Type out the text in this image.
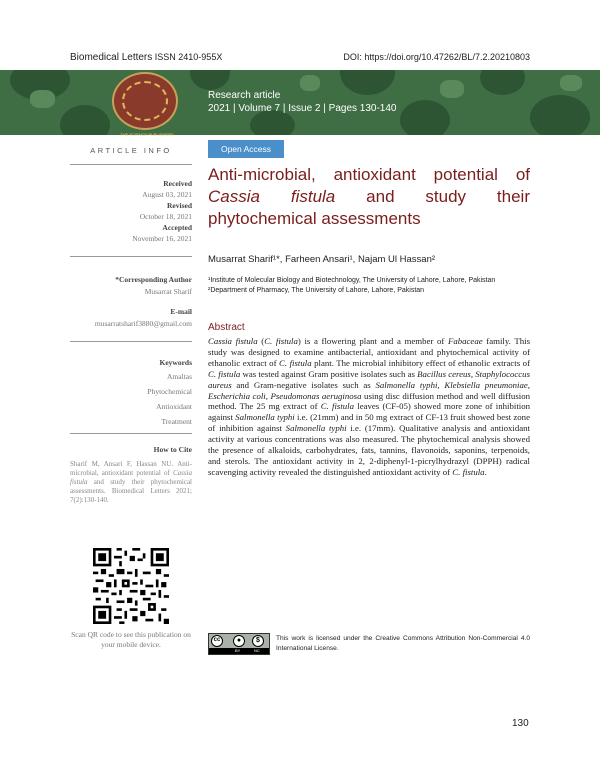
Biomedical Letters ISSN 2410-955X	DOI: https://doi.org/10.47262/BL/7.2.20210803
THE SCIENCE PUBLISHERS
Research article
2021 | Volume 7 | Issue 2 | Pages 130-140
ARTICLE INFO
Received
August 03, 2021
Revised
October 18, 2021
Accepted
November 16, 2021
*Corresponding Author
Musarrat Sharif
E-mail
musarratsharif3880@gmail.com
Keywords
Amaltas
Phytochemical
Antioxidant
Treatment
How to Cite
Sharif M, Ansari F, Hassan NU. Anti-microbial, antioxidant potential of Cassia fistula and study their phytochemical assessments. Biomedical Letters 2021; 7(2):130-140.
Scan QR code to see this publication on your mobile device.
Open Access
Anti-microbial, antioxidant potential of Cassia fistula and study their phytochemical assessments
Musarrat Sharif¹*, Farheen Ansari¹, Najam Ul Hassan²
¹Institute of Molecular Biology and Biotechnology, The University of Lahore, Lahore, Pakistan
²Department of Pharmacy, The University of Lahore, Lahore, Pakistan
Abstract
Cassia fistula (C. fistula) is a flowering plant and a member of Fabaceae family. This study was designed to examine antibacterial, antioxidant and phytochemical activity of ethanolic extract of C. fistula plant. The microbial inhibitory effect of ethanolic extracts of C. fistula was tested against Gram positive isolates such as Bacillus cereus, Staphylococcus aureus and Gram-negative isolates such as Salmonella typhi, Klebsiella pneumoniae, Escherichia coli, Pseudomonas aeruginosa using disc diffusion method and well diffusion method. The 25 mg extract of C. fistula leaves (CF-05) showed more zone of inhibition against Salmonella typhi i.e. (21mm) and in 50 mg extract of CF-13 fruit showed best zone of inhibition against Salmonella typhi i.e. (17mm). Qualitative analysis and antioxidant activity at various concentrations was also measured. The phytochemical analysis showed the presence of alkaloids, carbohydrates, fats, tannins, flavonoids, saponins, terpenoids, and sterols. The antioxidant activity in 2, 2-diphenyl-1-picrylhydrazyl (DPPH) radical scavenging activity revealed the distinguished antioxidant activity of C. fistula.
cc	●	$
BY	NC
This work is licensed under the Creative Commons Attribution Non-Commercial 4.0 International License.
130
